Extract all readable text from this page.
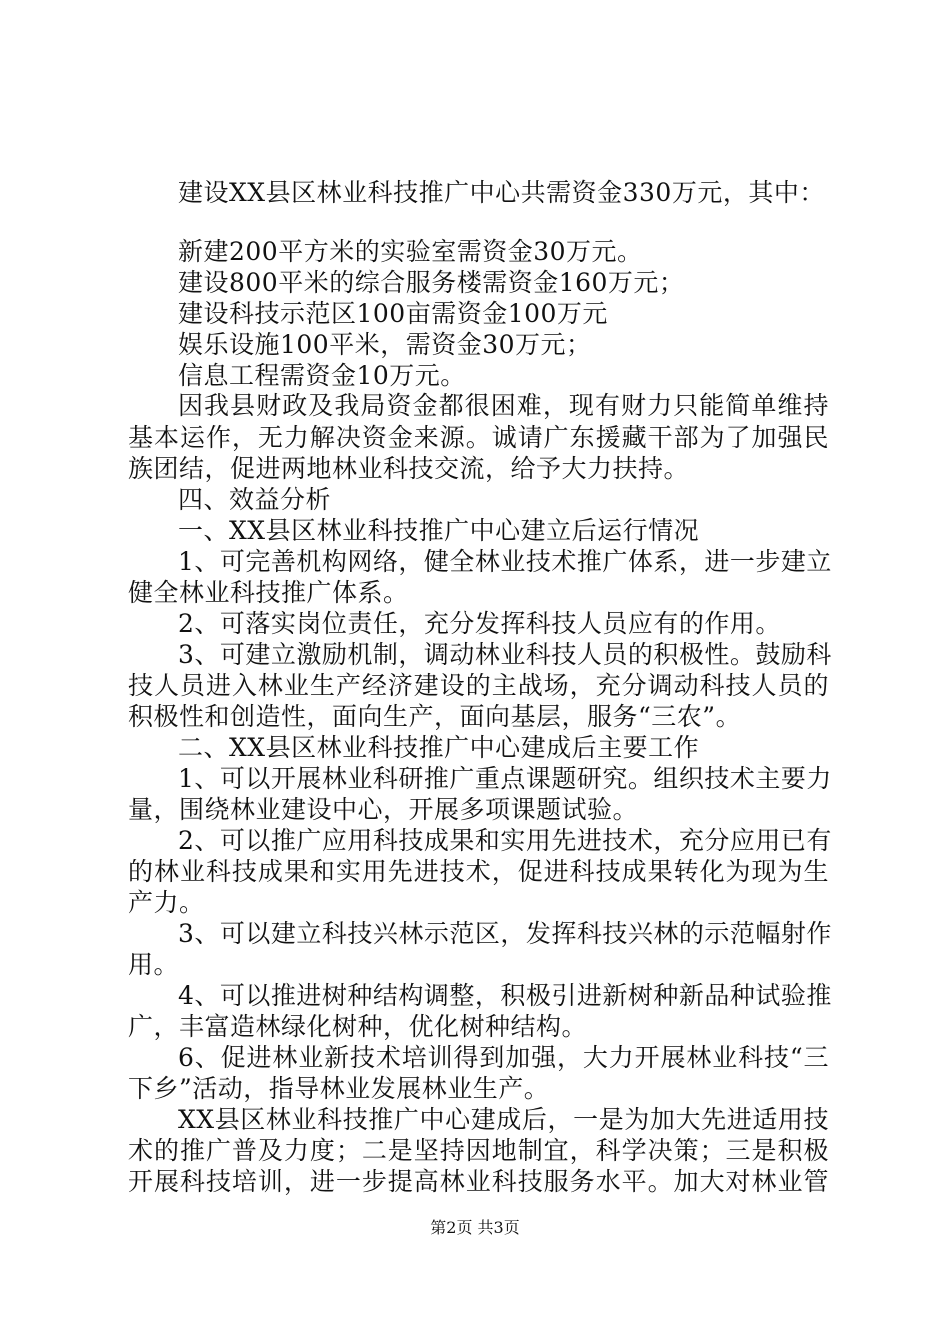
建设XX县区林业科技推广中心共需资金330万元，其中：
新建200平方米的实验室需资金30万元。
建设800平米的综合服务楼需资金160万元；
建设科技示范区100亩需资金100万元
娱乐设施100平米，需资金30万元；
信息工程需资金10万元。
因我县财政及我局资金都很困难，现有财力只能简单维持
基本运作，无力解决资金来源。诚请广东援藏干部为了加强民
族团结，促进两地林业科技交流，给予大力扶持。
四、效益分析
一、XX县区林业科技推广中心建立后运行情况
1、可完善机构网络，健全林业技术推广体系，进一步建立
健全林业科技推广体系。
2、可落实岗位责任，充分发挥科技人员应有的作用。
3、可建立激励机制，调动林业科技人员的积极性。鼓励科
技人员进入林业生产经济建设的主战场，充分调动科技人员的
积极性和创造性，面向生产，面向基层，服务“三农”。
二、XX县区林业科技推广中心建成后主要工作
1、可以开展林业科研推广重点课题研究。组织技术主要力
量，围绕林业建设中心，开展多项课题试验。
2、可以推广应用科技成果和实用先进技术，充分应用已有
的林业科技成果和实用先进技术，促进科技成果转化为现为生
产力。
3、可以建立科技兴林示范区，发挥科技兴林的示范幅射作
用。
4、可以推进树种结构调整，积极引进新树种新品种试验推
广，丰富造林绿化树种，优化树种结构。
6、促进林业新技术培训得到加强，大力开展林业科技“三
下乡”活动，指导林业发展林业生产。
XX县区林业科技推广中心建成后，一是为加大先进适用技
术的推广普及力度；二是坚持因地制宜，科学决策；三是积极
开展科技培训，进一步提高林业科技服务水平。加大对林业管
第2页 共3页
